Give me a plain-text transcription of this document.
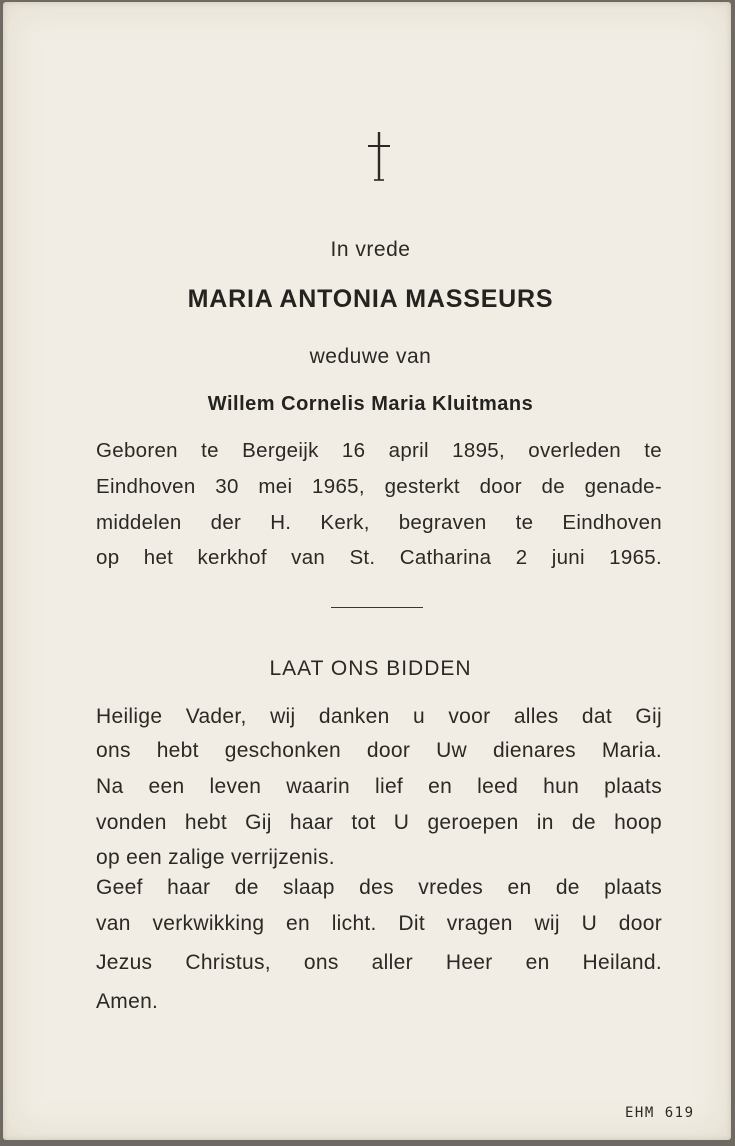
In vrede
MARIA ANTONIA MASSEURS
weduwe van
Willem Cornelis Maria Kluitmans
Geboren te Bergeijk 16 april 1895, overleden te
Eindhoven 30 mei 1965, gesterkt door de genade-
middelen der H. Kerk, begraven te Eindhoven
op het kerkhof van St. Catharina 2 juni 1965.
LAAT ONS BIDDEN
Heilige Vader, wij danken u voor alles dat Gij
ons hebt geschonken door Uw dienares Maria.
Na een leven waarin lief en leed hun plaats
vonden hebt Gij haar tot U geroepen in de hoop
op een zalige verrijzenis.
Geef haar de slaap des vredes en de plaats
van verkwikking en licht. Dit vragen wij U door
Jezus Christus, ons aller Heer en Heiland.
Amen.
EHM 619
